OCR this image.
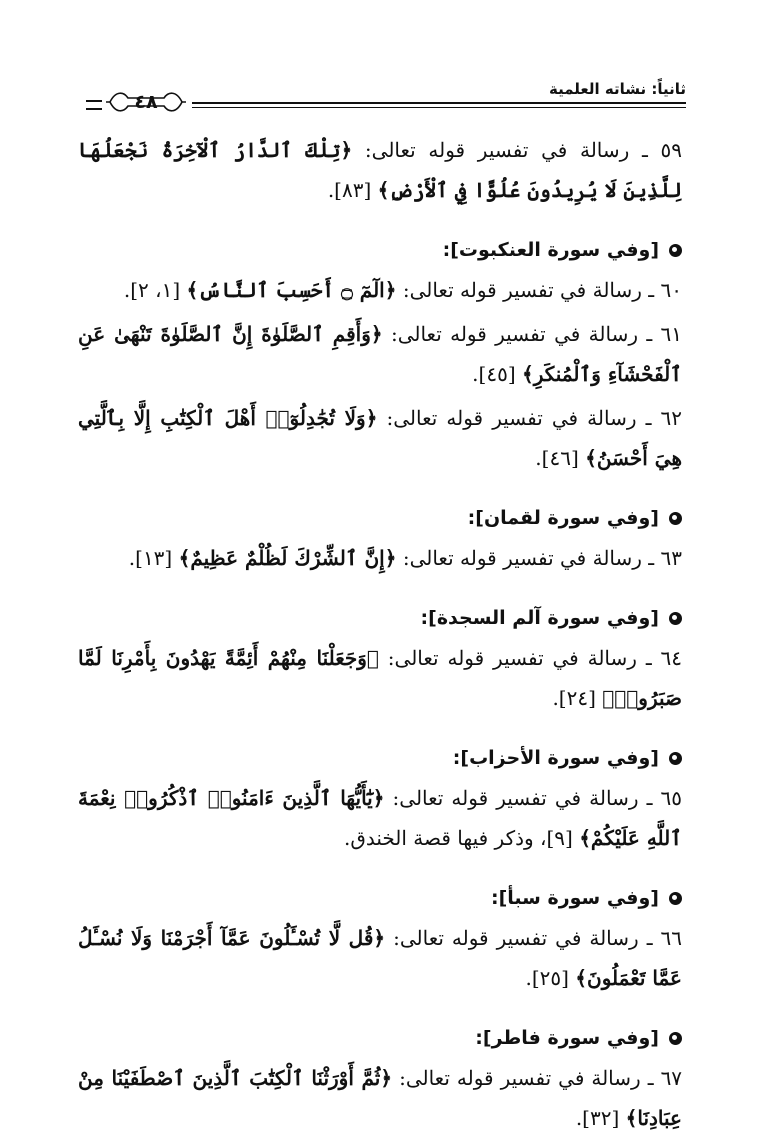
ثانياً: نشاته العلمية
٤٨
٥٩ ـ رسالة في تفسير قوله تعالى: ﴿تِلْكَ ٱلدَّارُ ٱلْآخِرَةُ نَجْعَلُهَا لِلَّذِينَ لَا يُرِيدُونَ عُلُوًّا فِي ٱلْأَرْضِ﴾ [٨٣].
[وفي سورة العنكبوت]:
٦٠ ـ رسالة في تفسير قوله تعالى: ﴿الٓمٓ ۝ أَحَسِبَ ٱلنَّاسُ﴾ [١، ٢].
٦١ ـ رسالة في تفسير قوله تعالى: ﴿وَأَقِمِ ٱلصَّلَوٰةَ إِنَّ ٱلصَّلَوٰةَ تَنْهَىٰ عَنِ ٱلْفَحْشَآءِ وَٱلْمُنكَرِ﴾ [٤٥].
٦٢ ـ رسالة في تفسير قوله تعالى: ﴿وَلَا تُجَٰدِلُوٓا۟ أَهْلَ ٱلْكِتَٰبِ إِلَّا بِٱلَّتِي هِيَ أَحْسَنُ﴾ [٤٦].
[وفي سورة لقمان]:
٦٣ ـ رسالة في تفسير قوله تعالى: ﴿إِنَّ ٱلشِّرْكَ لَظُلْمٌ عَظِيمٌ﴾ [١٣].
[وفي سورة آلم السجدة]:
٦٤ ـ رسالة في تفسير قوله تعالى: ﴿وَجَعَلْنَا مِنْهُمْ أَئِمَّةً يَهْدُونَ بِأَمْرِنَا لَمَّا صَبَرُوا۟﴾ [٢٤].
[وفي سورة الأحزاب]:
٦٥ ـ رسالة في تفسير قوله تعالى: ﴿يَٰٓأَيُّهَا ٱلَّذِينَ ءَامَنُوا۟ ٱذْكُرُوا۟ نِعْمَةَ ٱللَّهِ عَلَيْكُمْ﴾ [٩]، وذكر فيها قصة الخندق.
[وفي سورة سبأ]:
٦٦ ـ رسالة في تفسير قوله تعالى: ﴿قُل لَّا تُسْـَٔلُونَ عَمَّآ أَجْرَمْنَا وَلَا نُسْـَٔلُ عَمَّا تَعْمَلُونَ﴾ [٢٥].
[وفي سورة فاطر]:
٦٧ ـ رسالة في تفسير قوله تعالى: ﴿ثُمَّ أَوْرَثْنَا ٱلْكِتَٰبَ ٱلَّذِينَ ٱصْطَفَيْنَا مِنْ عِبَادِنَا﴾ [٣٢].
